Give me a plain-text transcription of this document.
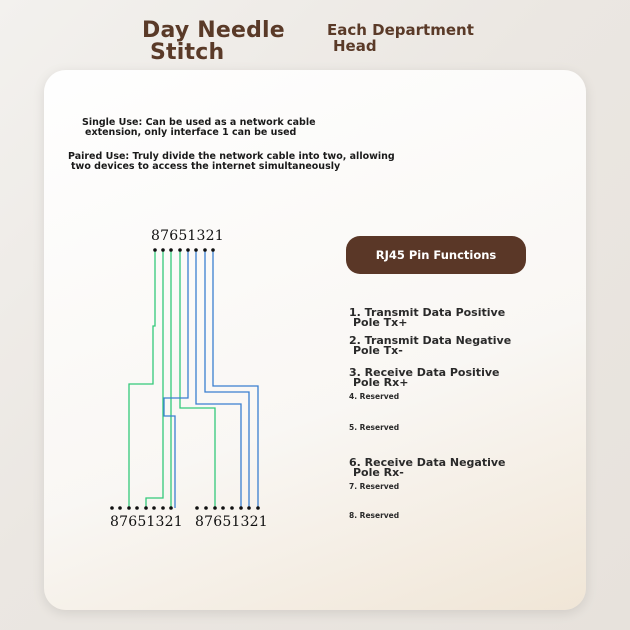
Day Needle
Stitch
Each Department
Head
Single Use: Can be used as a network cable
extension, only interface 1 can be used
Paired Use: Truly divide the network cable into two, allowing
two devices to access the internet simultaneously
87651321
87651321 87651321
RJ45 Pin Functions
1. Transmit Data Positive
Pole Tx+
2. Transmit Data Negative
Pole Tx-
3. Receive Data Positive
Pole Rx+
4. Reserved
5. Reserved
6. Receive Data Negative
Pole Rx-
7. Reserved
8. Reserved
